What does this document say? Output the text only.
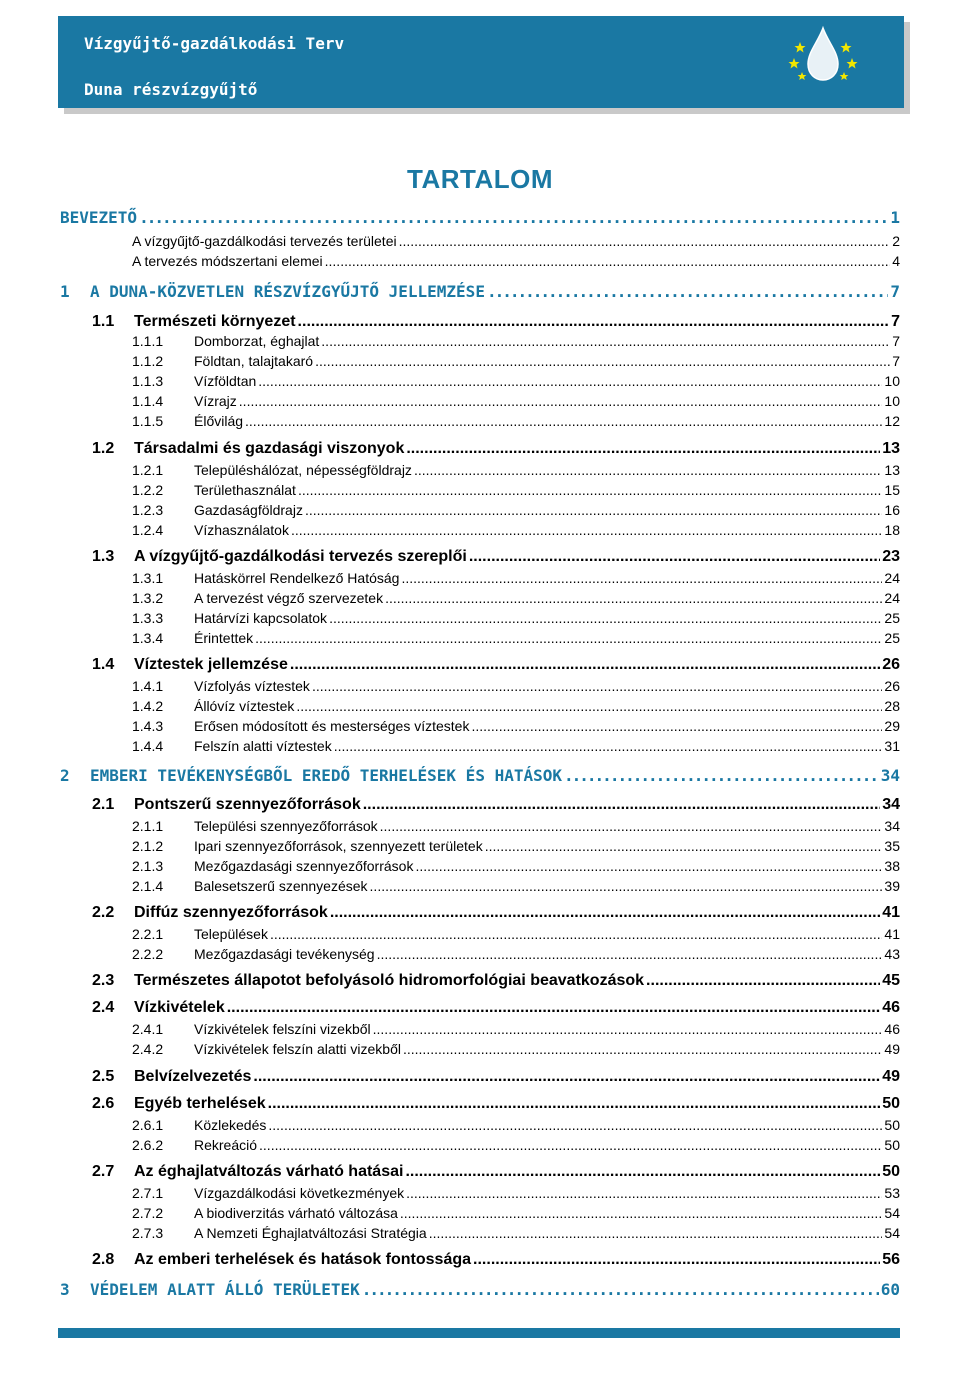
Vízgyűjtő-gazdálkodási Terv
Duna részvízgyűjtő
TARTALOM
BEVEZETŐ .....	1
A vízgyűjtő-gazdálkodási tervezés területei .....	2
A tervezés módszertani elemei .....	4
1	A DUNA-KÖZVETLEN RÉSZVÍZGYŰJTŐ JELLEMZÉSE .....	7
1.1	Természeti környezet .....	7
1.1.1	Domborzat, éghajlat .....	7
1.1.2	Földtan, talajtakaró .....	7
1.1.3	Vízföldtan .....	10
1.1.4	Vízrajz .....	10
1.1.5	Élővilág .....	12
1.2	Társadalmi és gazdasági viszonyok .....	13
1.2.1	Településhálózat, népességföldrajz .....	13
1.2.2	Területhasználat .....	15
1.2.3	Gazdaságföldrajz .....	16
1.2.4	Vízhasználatok .....	18
1.3	A vízgyűjtő-gazdálkodási tervezés szereplői .....	23
1.3.1	Hatáskörrel Rendelkező Hatóság .....	24
1.3.2	A tervezést végző szervezetek .....	24
1.3.3	Határvízi kapcsolatok .....	25
1.3.4	Érintettek .....	25
1.4	Víztestek jellemzése .....	26
1.4.1	Vízfolyás víztestek .....	26
1.4.2	Állóvíz víztestek .....	28
1.4.3	Erősen módosított és mesterséges víztestek .....	29
1.4.4	Felszín alatti víztestek .....	31
2	EMBERI TEVÉKENYSÉGBŐL EREDŐ TERHELÉSEK ÉS HATÁSOK .....	34
2.1	Pontszerű szennyezőforrások .....	34
2.1.1	Települési szennyezőforrások .....	34
2.1.2	Ipari szennyezőforrások, szennyezett területek .....	35
2.1.3	Mezőgazdasági szennyezőforrások .....	38
2.1.4	Balesetszerű szennyezések .....	39
2.2	Diffúz szennyezőforrások .....	41
2.2.1	Települések .....	41
2.2.2	Mezőgazdasági tevékenység .....	43
2.3	Természetes állapotot befolyásoló hidromorfológiai beavatkozások .....	45
2.4	Vízkivételek .....	46
2.4.1	Vízkivételek felszíni vizekből .....	46
2.4.2	Vízkivételek felszín alatti vizekből .....	49
2.5	Belvízelvezetés .....	49
2.6	Egyéb terhelések .....	50
2.6.1	Közlekedés .....	50
2.6.2	Rekreáció .....	50
2.7	Az éghajlatváltozás várható hatásai .....	50
2.7.1	Vízgazdálkodási következmények .....	53
2.7.2	A biodiverzitás várható változása .....	54
2.7.3	A Nemzeti Éghajlatváltozási Stratégia .....	54
2.8	Az emberi terhelések és hatások fontossága .....	56
3	VÉDELEM ALATT ÁLLÓ TERÜLETEK .....	60
